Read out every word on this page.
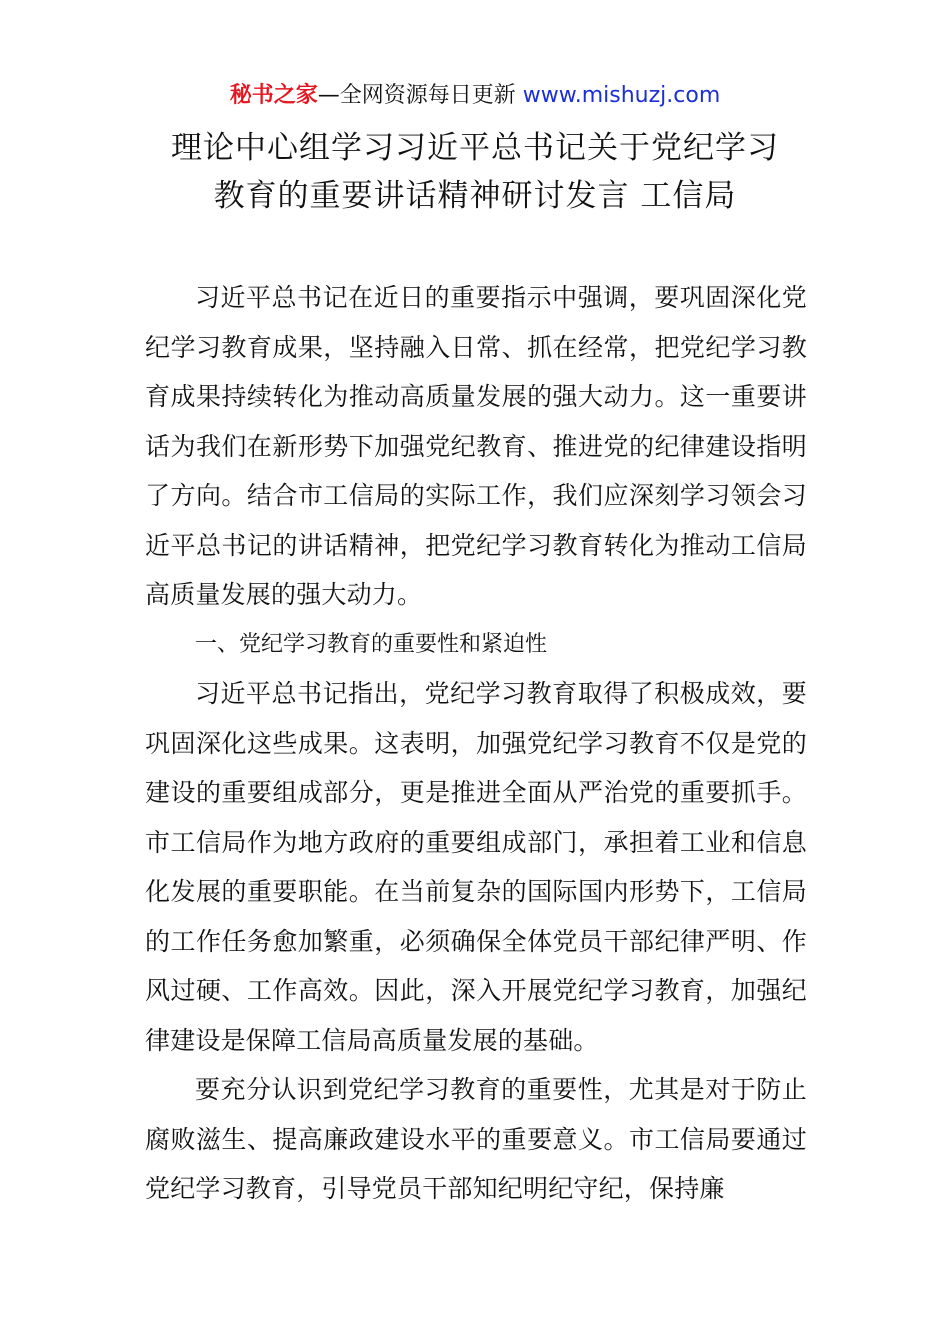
秘书之家—全网资源每日更新 www.mishuzj.com
理论中心组学习习近平总书记关于党纪学习
教育的重要讲话精神研讨发言 工信局

习近平总书记在近日的重要指示中强调，要巩固深化党纪学习教育成果，坚持融入日常、抓在经常，把党纪学习教育成果持续转化为推动高质量发展的强大动力。这一重要讲话为我们在新形势下加强党纪教育、推进党的纪律建设指明了方向。结合市工信局的实际工作，我们应深刻学习领会习近平总书记的讲话精神，把党纪学习教育转化为推动工信局高质量发展的强大动力。

一、党纪学习教育的重要性和紧迫性

习近平总书记指出，党纪学习教育取得了积极成效，要巩固深化这些成果。这表明，加强党纪学习教育不仅是党的建设的重要组成部分，更是推进全面从严治党的重要抓手。市工信局作为地方政府的重要组成部门，承担着工业和信息化发展的重要职能。在当前复杂的国际国内形势下，工信局的工作任务愈加繁重，必须确保全体党员干部纪律严明、作风过硬、工作高效。因此，深入开展党纪学习教育，加强纪律建设是保障工信局高质量发展的基础。

要充分认识到党纪学习教育的重要性，尤其是对于防止腐败滋生、提高廉政建设水平的重要意义。市工信局要通过党纪学习教育，引导党员干部知纪明纪守纪，保持廉
